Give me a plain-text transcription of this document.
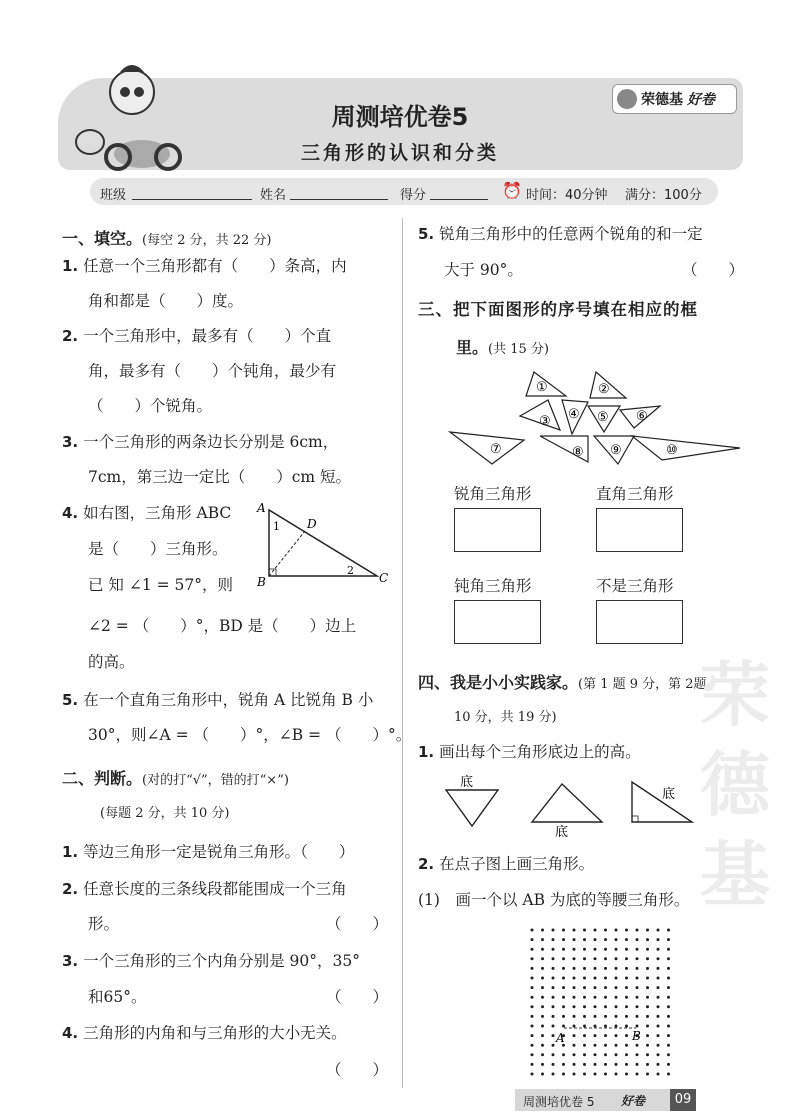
周测培优卷5
三角形的认识和分类
荣德基 好卷
班级	姓名	得分	⏰ 时间：40分钟 满分：100分
一、填空。(每空 2 分，共 22 分)
1. 任意一个三角形都有（　　）条高，内
角和都是（　　）度。
2. 一个三角形中，最多有（　　）个直
角，最多有（　　）个钝角，最少有
（　　）个锐角。
3. 一个三角形的两条边长分别是 6cm，
7cm，第三边一定比（　　）cm 短。
4. 如右图，三角形 ABC
是（　　）三角形。
已 知 ∠1 = 57°，则
∠2 = （　　）°，BD 是（　　）边上
的高。
A
B	C
D
1
2
5. 在一个直角三角形中，锐角 A 比锐角 B 小
30°，则∠A = （　　）°，∠B = （　　）°。
二、判断。(对的打“√”，错的打“×”)
(每题 2 分，共 10 分)
1. 等边三角形一定是锐角三角形。（　　）
2. 任意长度的三条线段都能围成一个三角
形。	（　　）
3. 一个三角形的三个内角分别是 90°，35°
和65°。	（　　）
4. 三角形的内角和与三角形的大小无关。
（　　）
5. 锐角三角形中的任意两个锐角的和一定
大于 90°。	（　　）
三、把下面图形的序号填在相应的框
里。(共 15 分)
①	②
③ ④ ⑤ ⑥
⑦	⑧ ⑨	⑩
锐角三角形	直角三角形
钝角三角形	不是三角形
四、我是小小实践家。(第 1 题 9 分，第 2题
10 分，共 19 分)
1. 画出每个三角形底边上的高。
底
底
底
2. 在点子图上画三角形。
(1)　画一个以 AB 为底的等腰三角形。
A	B
荣德基
周测培优卷 5 好卷	09
